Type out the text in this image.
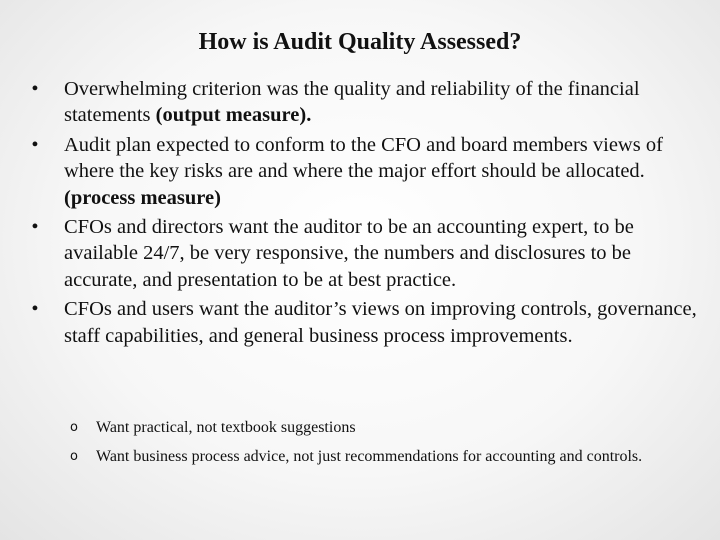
How is Audit Quality Assessed?
• Overwhelming criterion was the quality and reliability of the financial statements (output measure).
• Audit plan expected to conform to the CFO and board members views of where the key risks are and where the major effort should be allocated. (process measure)
• CFOs and directors want the auditor to be an accounting expert, to be available 24/7, be very responsive, the numbers and disclosures to be accurate, and presentation to be at best practice.
• CFOs and users want the auditor’s views on improving controls, governance, staff capabilities, and general business process improvements.
o Want practical, not textbook suggestions
o Want business process advice, not just recommendations for accounting and controls.
